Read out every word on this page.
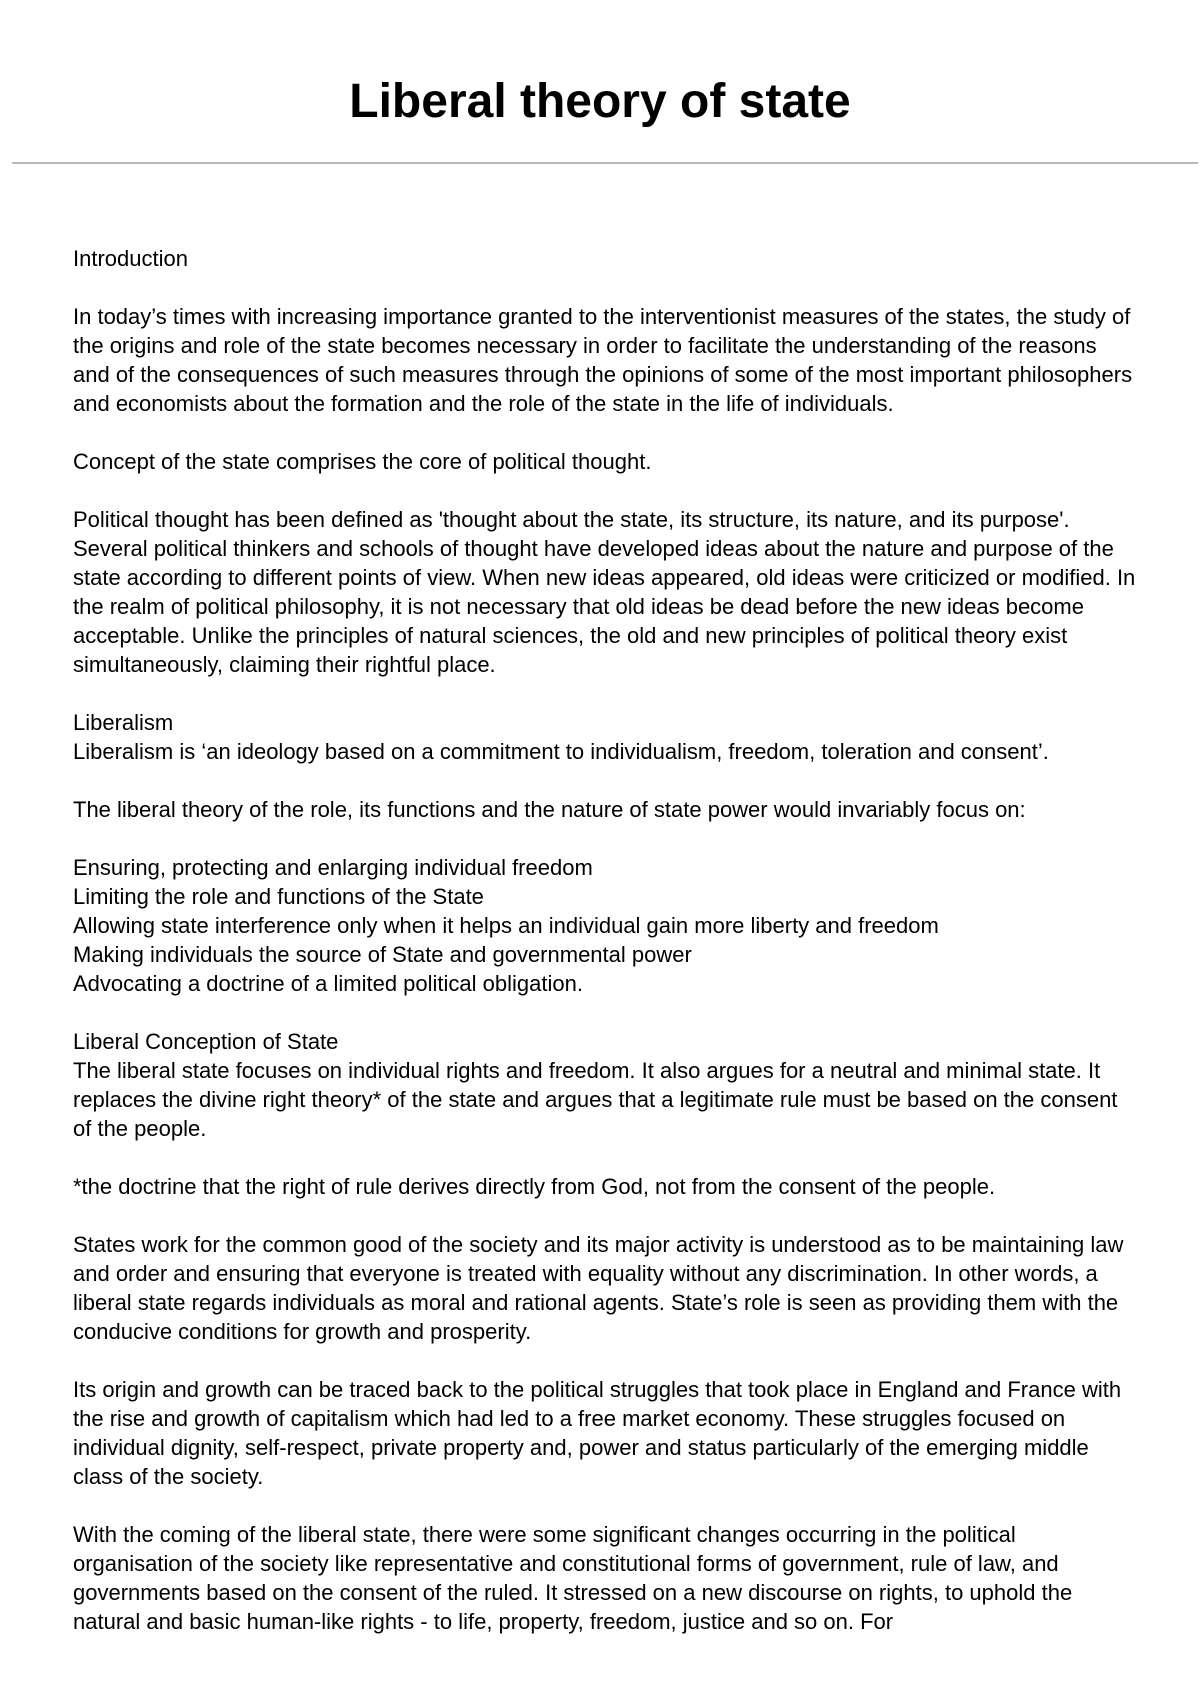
Liberal theory of state

Introduction

In today’s times with increasing importance granted to the interventionist measures of the states, the study of the origins and role of the state becomes necessary in order to facilitate the understanding of the reasons and of the consequences of such measures through the opinions of some of the most important philosophers and economists about the formation and the role of the state in the life of individuals.

Concept of the state comprises the core of political thought.

Political thought has been defined as 'thought about the state, its structure, its nature, and its purpose'. Several political thinkers and schools of thought have developed ideas about the nature and purpose of the state according to different points of view. When new ideas appeared, old ideas were criticized or modified. In the realm of political philosophy, it is not necessary that old ideas be dead before the new ideas become acceptable. Unlike the principles of natural sciences, the old and new principles of political theory exist simultaneously, claiming their rightful place.

Liberalism

Liberalism is ‘an ideology based on a commitment to individualism, freedom, toleration and consent’.

The liberal theory of the role, its functions and the nature of state power would invariably focus on:

Ensuring, protecting and enlarging individual freedom
Limiting the role and functions of the State
Allowing state interference only when it helps an individual gain more liberty and freedom
Making individuals the source of State and governmental power
Advocating a doctrine of a limited political obligation.

Liberal Conception of State

The liberal state focuses on individual rights and freedom. It also argues for a neutral and minimal state. It replaces the divine right theory* of the state and argues that a legitimate rule must be based on the consent of the people.

*the doctrine that the right of rule derives directly from God, not from the consent of the people.

States work for the common good of the society and its major activity is understood as to be maintaining law and order and ensuring that everyone is treated with equality without any discrimination. In other words, a liberal state regards individuals as moral and rational agents. State’s role is seen as providing them with the conducive conditions for growth and prosperity.

Its origin and growth can be traced back to the political struggles that took place in England and France with the rise and growth of capitalism which had led to a free market economy. These struggles focused on individual dignity, self-respect, private property and, power and status particularly of the emerging middle class of the society.

With the coming of the liberal state, there were some significant changes occurring in the political organisation of the society like representative and constitutional forms of government, rule of law, and governments based on the consent of the ruled. It stressed on a new discourse on rights, to uphold the natural and basic human-like rights - to life, property, freedom, justice and so on. For
